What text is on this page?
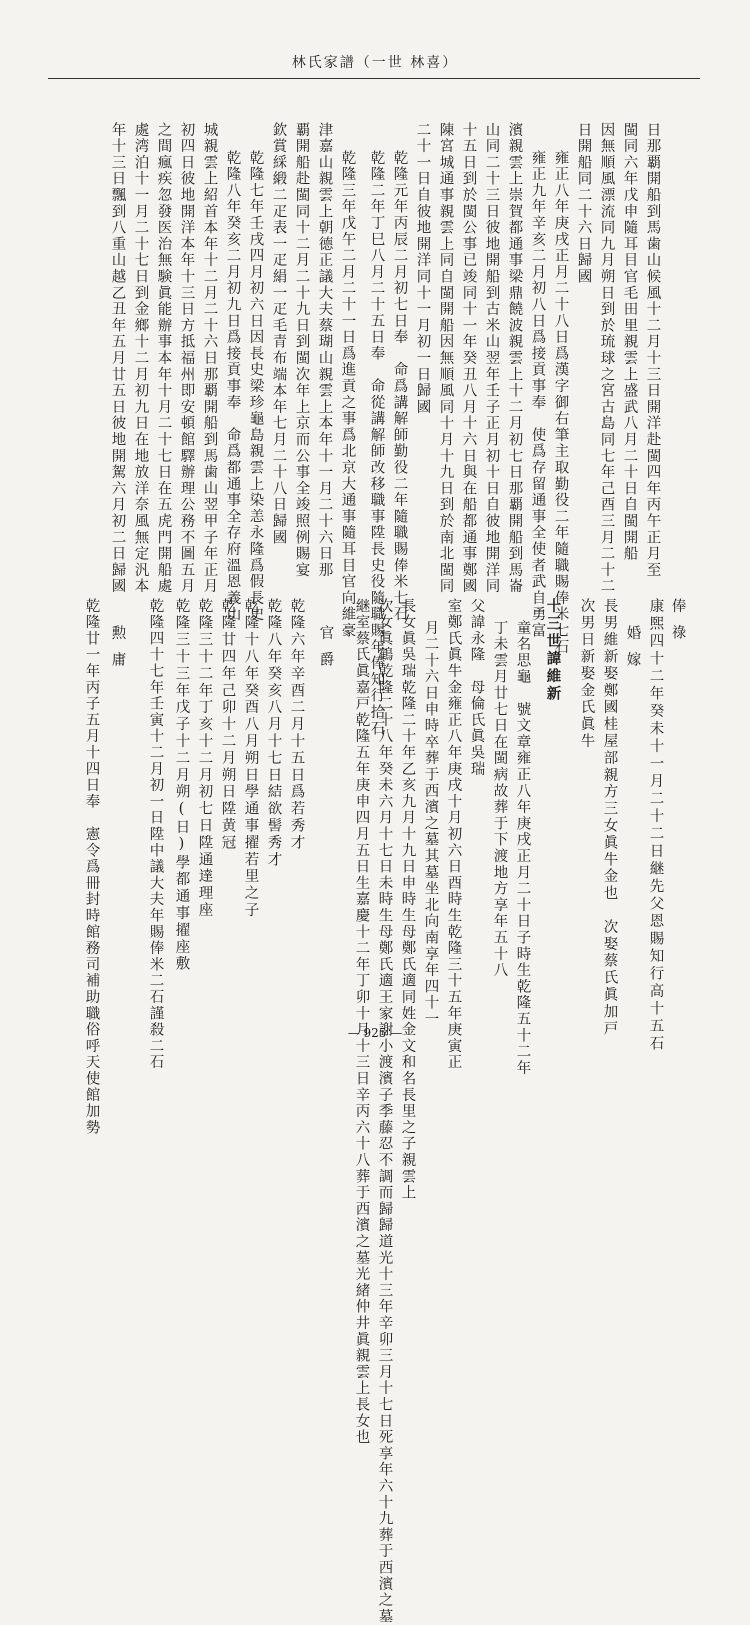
林氏家譜（一世 林喜）
日那覇開船到馬歯山候風十二月十三日開洋赴閩四年丙午正月至
閩同六年戊申隨耳目官毛田里親雲上盛武八月二十日自閩開船
因無順風漂流同九月朔日到於琉球之宮古島同七年己酉三月二十二
日開船同二十六日歸國
雍正八年庚戌正月二十八日爲漢字御右筆主取勤役二年隨職賜俸米七石
雍正九年辛亥二月初八日爲接貢事奉　使爲存留通事全使者武自勇富
濱親雲上崇賀都通事梁鼎饒波親雲上十二月初七日那覇開船到馬崙
山同二十三日彼地開船到古米山翌年壬子正月初十日自彼地開洋同
十五日到於閩公事已竣同十一年癸丑八月十六日與在船都通事鄭國
陳宮城通事親雲上同自閩開船因無順風同十月十九日到於南北閩同
二十一日自彼地開洋同十一月初一日歸國
乾隆元年丙辰二月初七日奉　命爲講解師勤役二年隨職賜俸米七石
乾隆二年丁巳八月二十五日奉　命從講解師改移職事陞長史役隨職賜年俸知行拾石
乾隆三年戊午二月二十一日爲進貢之事爲北京大通事隨耳目官向維豪
津嘉山親雲上朝德正議大夫蔡瑚山親雲上本年十一月二十六日那
覇開船赴閩同十二月二十九日到閩次年上京而公事全竣照例賜宴
欽賞綵緞二疋表一疋絹一疋毛青布端本年七月二十八日歸國
乾隆七年壬戌四月初六日因長史梁珍龜島親雲上染恙永隆爲假長史
乾隆八年癸亥二月初九日爲接貢事奉　命爲都通事全存府溫恩義山
城親雲上紹首本年十二月二十六日那覇開船到馬歯山翌甲子年正月
初四日彼地開洋本年十三日方抵福州即安頓館驛辦理公務不圖五月
之間瘋疾忽發医治無験眞能辦事本年十月二十七日在五虎門開船處
處湾泊十一月二十七日到金鄉十二月初九日在地放洋奈風無定汎本
年十三日飄到八重山越乙丑年五月廿五日彼地開駕六月初二日歸國
俸祿
康煕四十二年癸未十一月二十二日継先父恩賜知行高十五石
婚嫁
長男維新娶鄭國桂屋部親方三女眞牛金也　次娶蔡氏眞加戸
次男日新娶金氏眞牛
十三世諱維新
童名思龜　號文章雍正八年庚戌正月二十日子時生乾隆五十二年
丁未雲月廿七日在閩病故葬于下渡地方享年五十八
父諱永隆　母倫氏眞吳瑞
室鄭氏眞牛金雍正八年庚戌十月初六日酉時生乾隆三十五年庚寅正
月二十六日申時卒葬于西濱之墓其墓坐北向南享年四十一
長女眞吳瑞乾隆二十年乙亥九月十九日申時生母鄭氏適同姓金文和名長里之子親雲上
次女眞鶴乾隆二十八年癸未六月十七日未時生母鄭氏適王家謝小渡濱子季藤忍不調而歸歸道光十三年辛卯三月十七日死享年六十九葬于西濱之墓
継室蔡氏眞嘉戸乾隆五年庚申四月五日生嘉慶十二年丁卯十月十三日辛丙六十八葬于西濱之墓光緒仲井眞親雲上長女也
官爵
乾隆六年辛酉二月十五日爲若秀才
乾隆八年癸亥八月十七日結欲髻秀才
乾隆十八年癸酉八月朔日學通事擢若里之子
乾隆廿四年己卯十二月朔日陞黄冠
乾隆三十二年丁亥十二月初七日陞通達理座
乾隆三十三年戊子十二月朔(日)學都通事擢座敷
乾隆四十七年壬寅十二月初一日陞中議大夫年賜俸米二石謹殺二石
勲庸
乾隆廿一年丙子五月十四日奉　憲令爲冊封時館務司補助職俗呼天使館加勢	— 925 —
